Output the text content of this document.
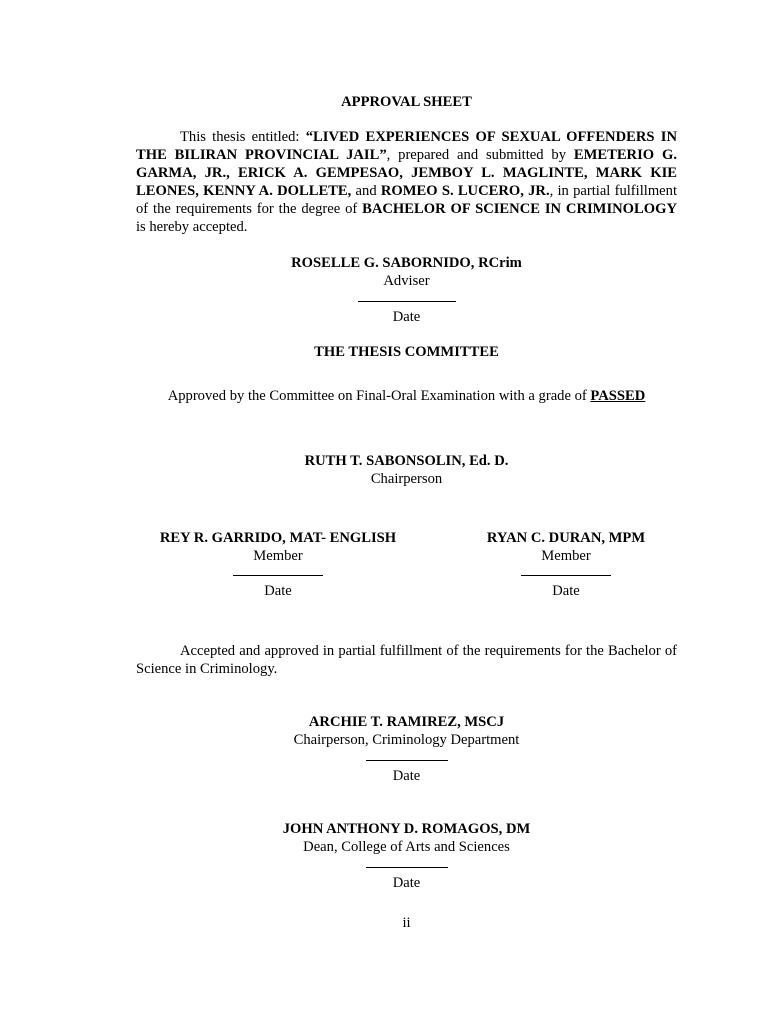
APPROVAL SHEET
This thesis entitled: “LIVED EXPERIENCES OF SEXUAL OFFENDERS IN THE BILIRAN PROVINCIAL JAIL”, prepared and submitted by EMETERIO G. GARMA, JR., ERICK A. GEMPESAO, JEMBOY L. MAGLINTE, MARK KIE LEONES, KENNY A. DOLLETE, and ROMEO S. LUCERO, JR., in partial fulfillment of the requirements for the degree of BACHELOR OF SCIENCE IN CRIMINOLOGY is hereby accepted.
ROSELLE G. SABORNIDO, RCrim
Adviser
Date
THE THESIS COMMITTEE
Approved by the Committee on Final-Oral Examination with a grade of PASSED
RUTH T. SABONSOLIN, Ed. D.
Chairperson
REY R. GARRIDO, MAT- ENGLISH
Member
Date
RYAN C. DURAN, MPM
Member
Date
Accepted and approved in partial fulfillment of the requirements for the Bachelor of Science in Criminology.
ARCHIE T. RAMIREZ, MSCJ
Chairperson, Criminology Department
Date
JOHN ANTHONY D. ROMAGOS, DM
Dean, College of Arts and Sciences
Date
ii
